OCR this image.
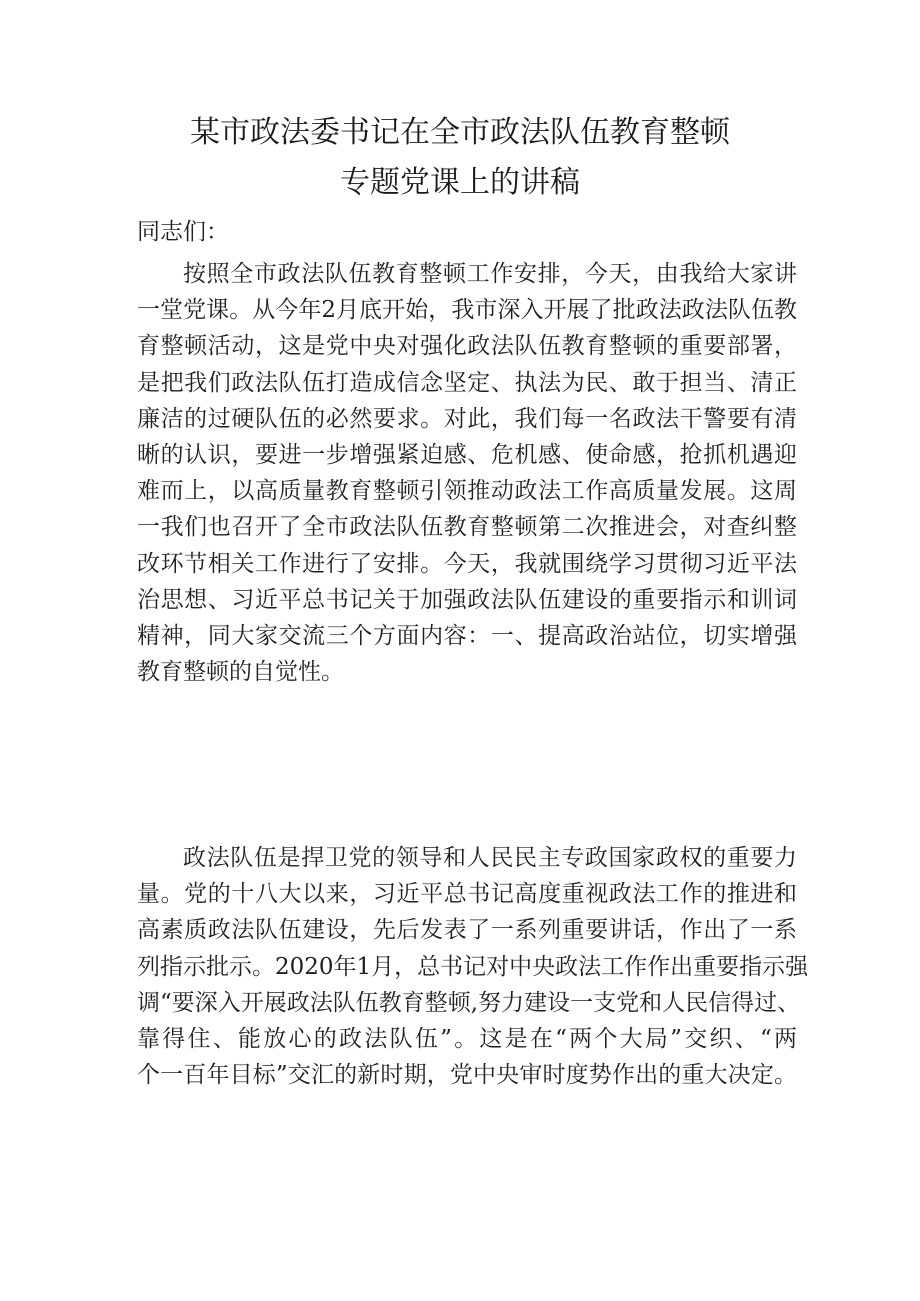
某市政法委书记在全市政法队伍教育整顿
专题党课上的讲稿
同志们：
按照全市政法队伍教育整顿工作安排，今天，由我给大家讲
一堂党课。从今年2月底开始，我市深入开展了批政法政法队伍教
育整顿活动，这是党中央对强化政法队伍教育整顿的重要部署，
是把我们政法队伍打造成信念坚定、执法为民、敢于担当、清正
廉洁的过硬队伍的必然要求。对此，我们每一名政法干警要有清
晰的认识，要进一步增强紧迫感、危机感、使命感，抢抓机遇迎
难而上，以高质量教育整顿引领推动政法工作高质量发展。这周
一我们也召开了全市政法队伍教育整顿第二次推进会，对查纠整
改环节相关工作进行了安排。今天，我就围绕学习贯彻习近平法
治思想、习近平总书记关于加强政法队伍建设的重要指示和训词
精神，同大家交流三个方面内容：一、提高政治站位，切实增强
教育整顿的自觉性。
政法队伍是捍卫党的领导和人民民主专政国家政权的重要力
量。党的十八大以来，习近平总书记高度重视政法工作的推进和
高素质政法队伍建设，先后发表了一系列重要讲话，作出了一系
列指示批示。2020年1月，总书记对中央政法工作作出重要指示强
调“要深入开展政法队伍教育整顿,努力建设一支党和人民信得过、
靠得住、能放心的政法队伍”。这是在“两个大局”交织、“两
个一百年目标”交汇的新时期，党中央审时度势作出的重大决定。
